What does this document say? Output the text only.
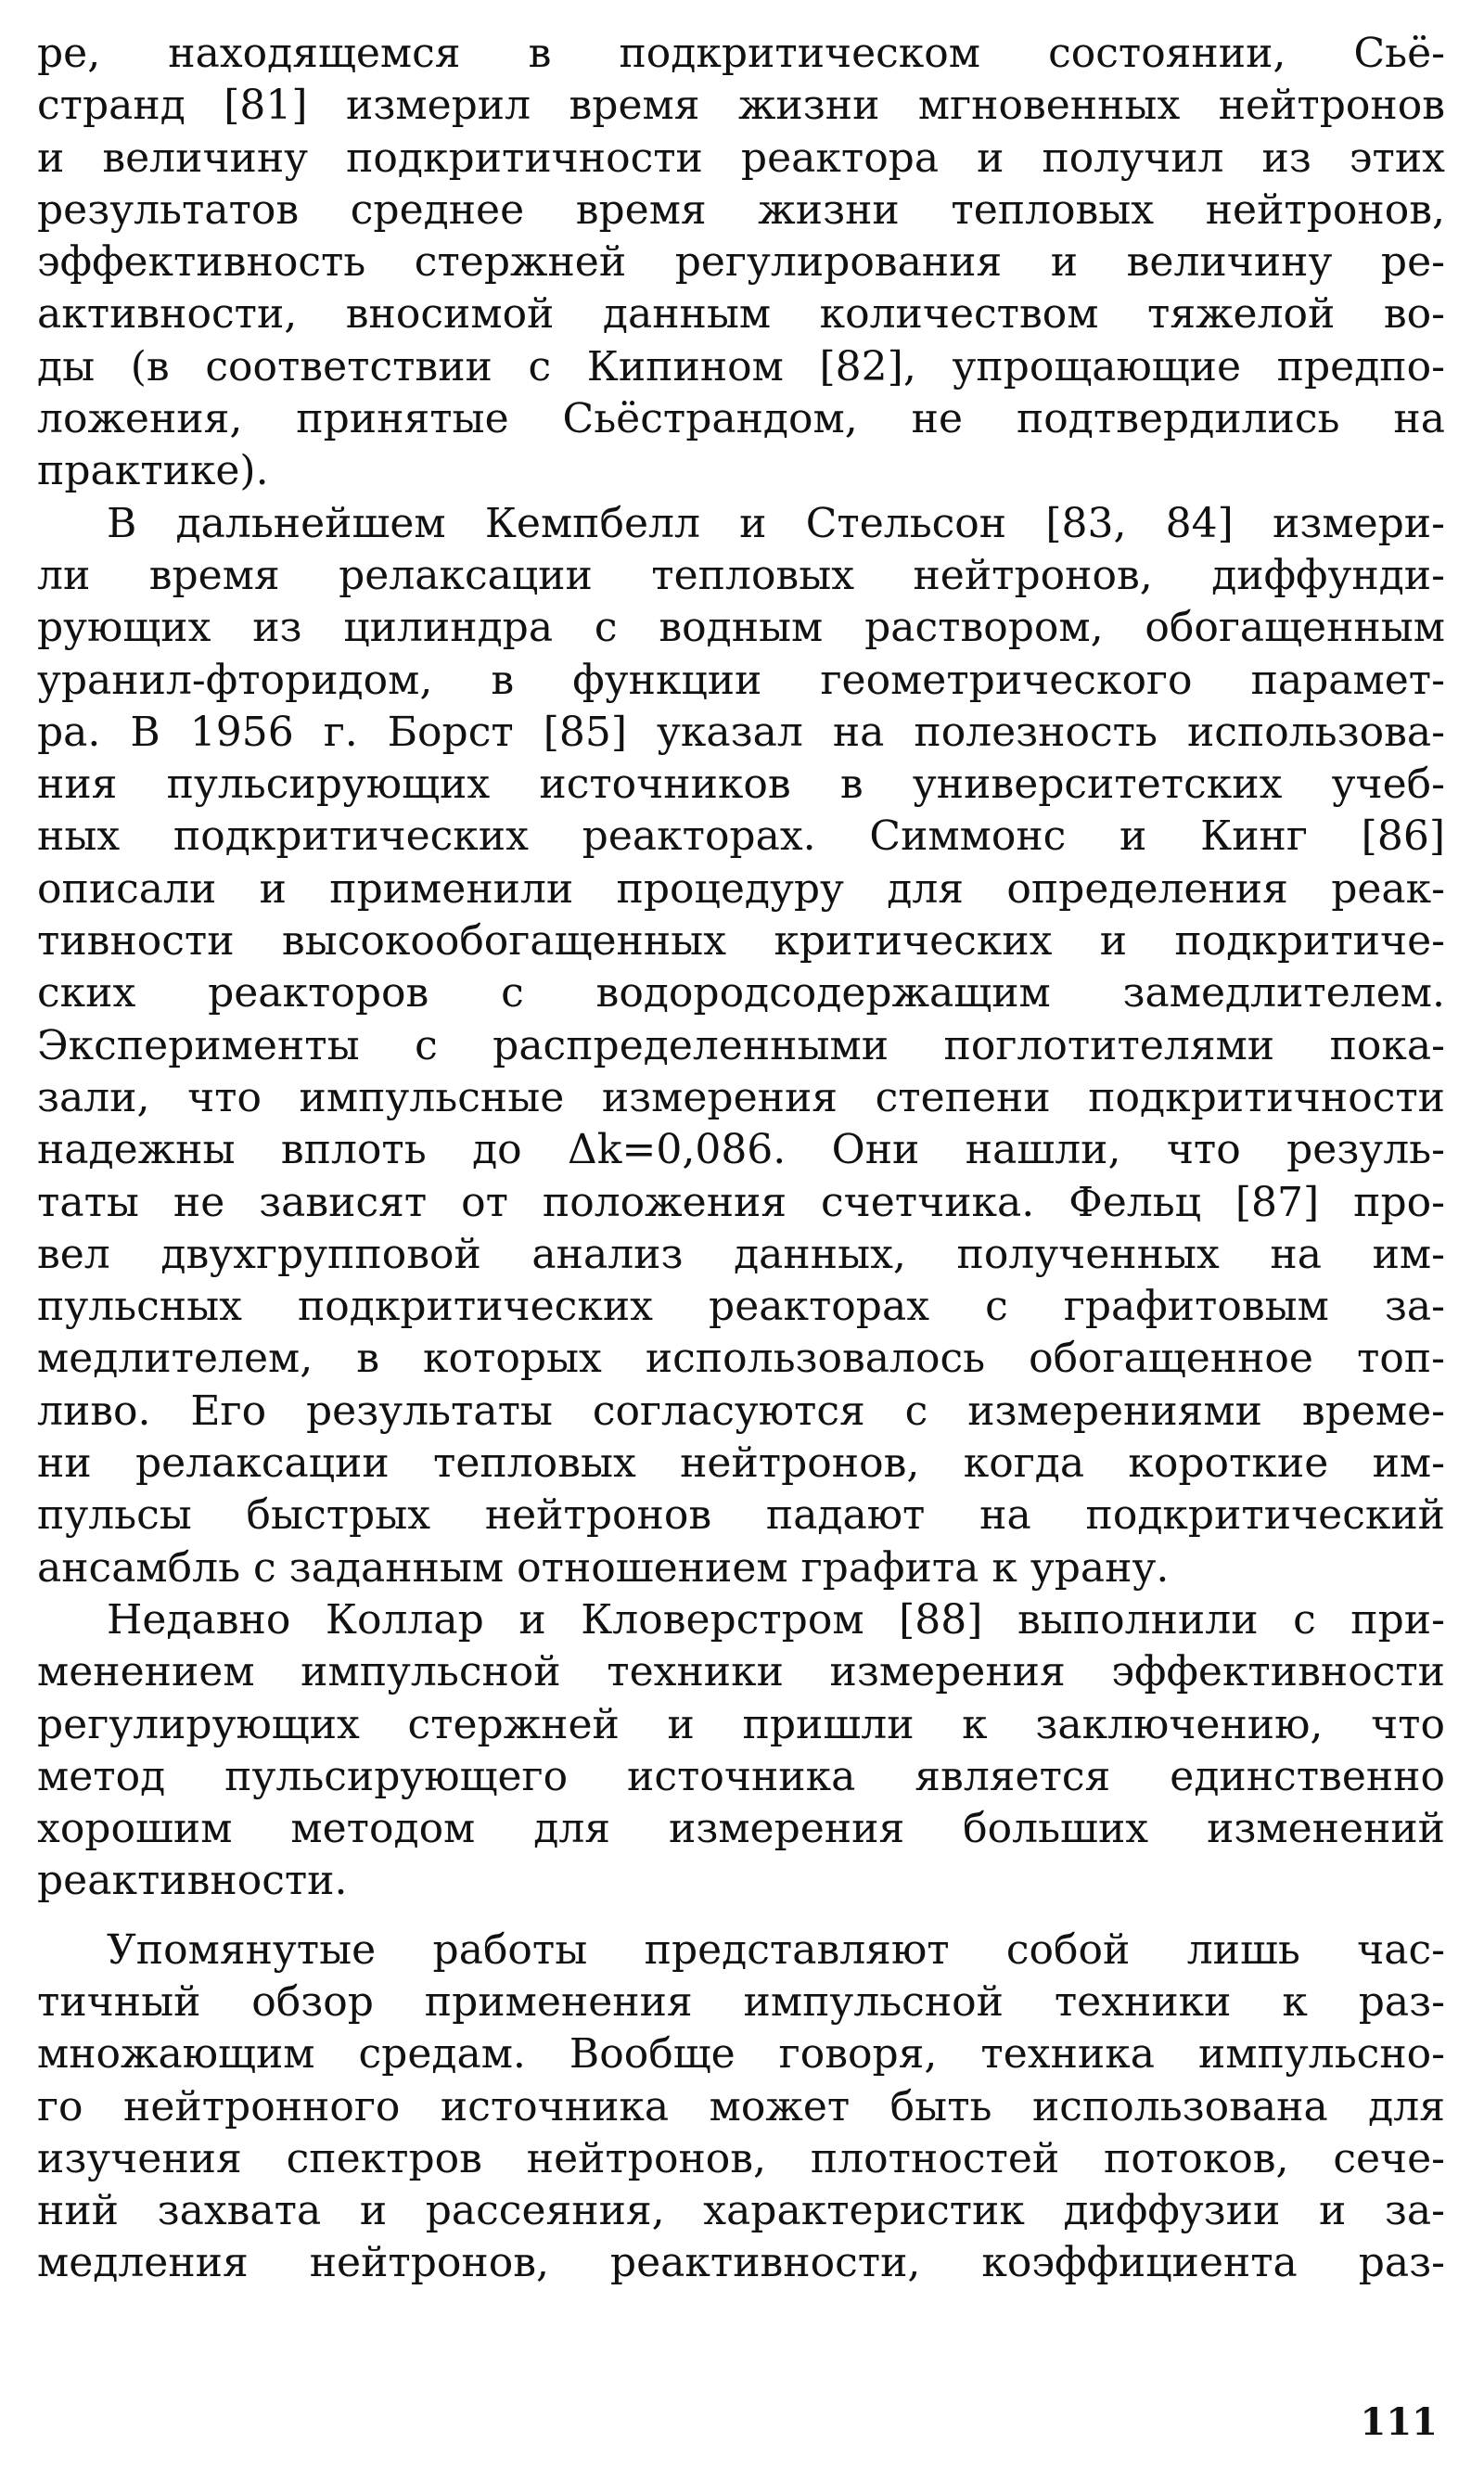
ре, находящемся в подкритическом состоянии, Сьё-
странд [81] измерил время жизни мгновенных нейтронов
и величину подкритичности реактора и получил из этих
результатов среднее время жизни тепловых нейтронов,
эффективность стержней регулирования и величину ре-
активности, вносимой данным количеством тяжелой во-
ды (в соответствии с Кипином [82], упрощающие предпо-
ложения, принятые Сьёстрандом, не подтвердились на
практике).
В дальнейшем Кемпбелл и Стельсон [83, 84] измери-
ли время релаксации тепловых нейтронов, диффунди-
рующих из цилиндра с водным раствором, обогащенным
уранил-фторидом, в функции геометрического парамет-
ра. В 1956 г. Борст [85] указал на полезность использова-
ния пульсирующих источников в университетских учеб-
ных подкритических реакторах. Симмонс и Кинг [86]
описали и применили процедуру для определения реак-
тивности высокообогащенных критических и подкритиче-
ских реакторов с водородсодержащим замедлителем.
Эксперименты с распределенными поглотителями пока-
зали, что импульсные измерения степени подкритичности
надежны вплоть до Δk=0,086. Они нашли, что резуль-
таты не зависят от положения счетчика. Фельц [87] про-
вел двухгрупповой анализ данных, полученных на им-
пульсных подкритических реакторах с графитовым за-
медлителем, в которых использовалось обогащенное топ-
ливо. Его результаты согласуются с измерениями време-
ни релаксации тепловых нейтронов, когда короткие им-
пульсы быстрых нейтронов падают на подкритический
ансамбль с заданным отношением графита к урану.
Недавно Коллар и Кловерстром [88] выполнили с при-
менением импульсной техники измерения эффективности
регулирующих стержней и пришли к заключению, что
метод пульсирующего источника является единственно
хорошим методом для измерения больших изменений
реактивности.
Упомянутые работы представляют собой лишь час-
тичный обзор применения импульсной техники к раз-
множающим средам. Вообще говоря, техника импульсно-
го нейтронного источника может быть использована для
изучения спектров нейтронов, плотностей потоков, сече-
ний захвата и рассеяния, характеристик диффузии и за-
медления нейтронов, реактивности, коэффициента раз-
111
